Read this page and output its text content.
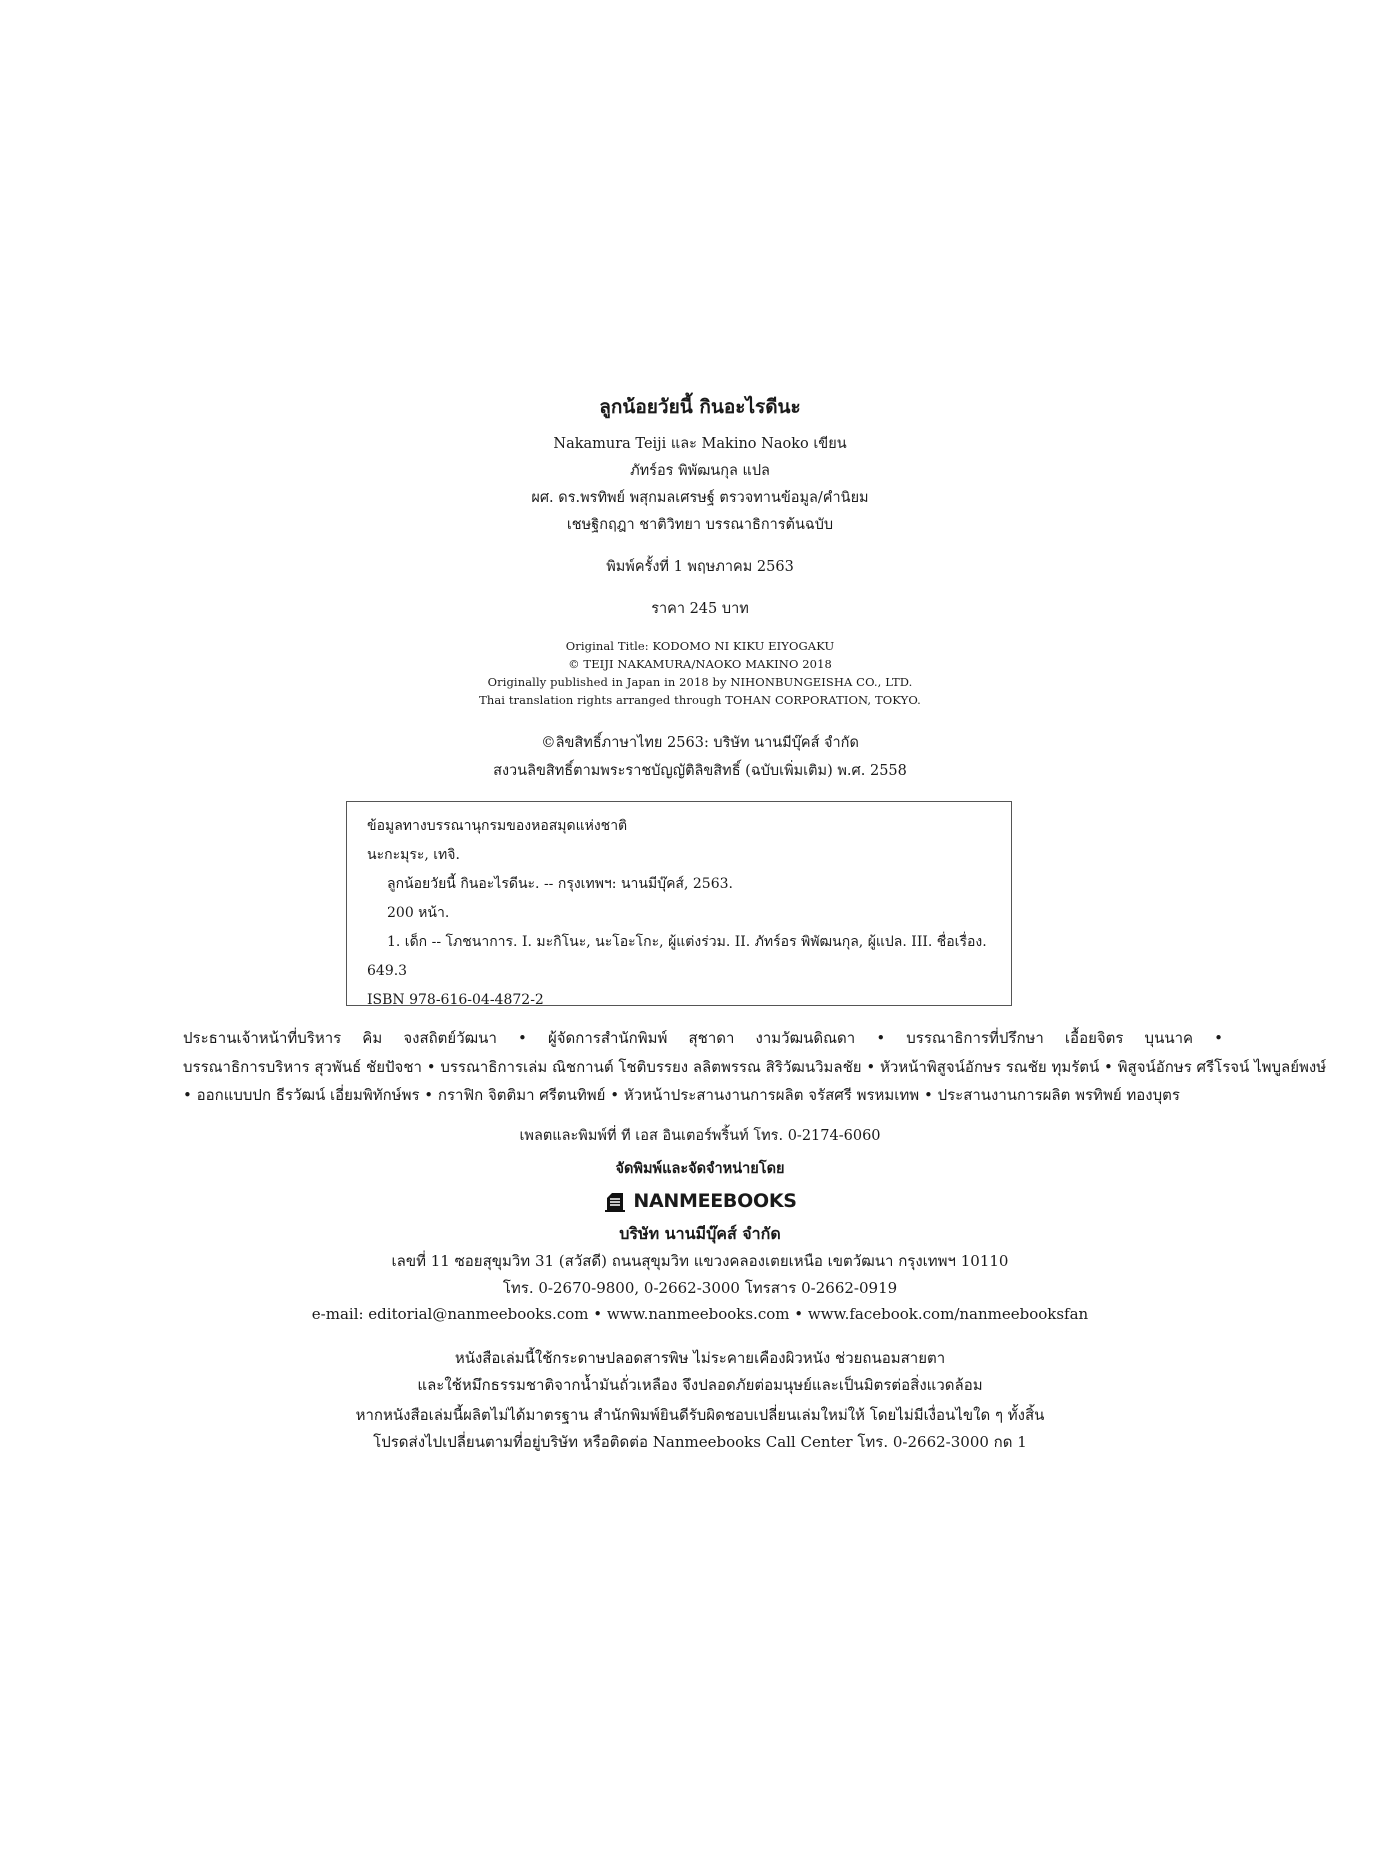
ลูกน้อยวัยนี้ กินอะไรดีนะ
Nakamura Teiji และ Makino Naoko เขียน
ภัทร์อร พิพัฒนกุล แปล
ผศ. ดร.พรทิพย์ พสุกมลเศรษฐ์ ตรวจทานข้อมูล/คำนิยม
เชษฐิกฤฎา ชาติวิทยา บรรณาธิการต้นฉบับ
พิมพ์ครั้งที่ 1 พฤษภาคม 2563
ราคา 245 บาท
Original Title: KODOMO NI KIKU EIYOGAKU
© TEIJI NAKAMURA/NAOKO MAKINO 2018
Originally published in Japan in 2018 by NIHONBUNGEISHA CO., LTD.
Thai translation rights arranged through TOHAN CORPORATION, TOKYO.
©ลิขสิทธิ์ภาษาไทย 2563: บริษัท นานมีบุ๊คส์ จำกัด
สงวนลิขสิทธิ์ตามพระราชบัญญัติลิขสิทธิ์ (ฉบับเพิ่มเติม) พ.ศ. 2558
ข้อมูลทางบรรณานุกรมของหอสมุดแห่งชาติ
นะกะมุระ, เทจิ.
ลูกน้อยวัยนี้ กินอะไรดีนะ. -- กรุงเทพฯ: นานมีบุ๊คส์, 2563.
200 หน้า.
1. เด็ก -- โภชนาการ. I. มะกิโนะ, นะโอะโกะ, ผู้แต่งร่วม. II. ภัทร์อร พิพัฒนกุล, ผู้แปล. III. ชื่อเรื่อง.
649.3
ISBN 978-616-04-4872-2
ประธานเจ้าหน้าที่บริหาร คิม จงสถิตย์วัฒนา • ผู้จัดการสำนักพิมพ์ สุชาดา งามวัฒนดิณดา • บรรณาธิการที่ปรึกษา เอื้อยจิตร บุนนาค • บรรณาธิการบริหาร สุวพันธ์ ชัยปัจชา • บรรณาธิการเล่ม ณิชกานต์ โชติบรรยง ลลิตพรรณ สิริวัฒนวิมลชัย • หัวหน้าพิสูจน์อักษร รณชัย ทุมรัตน์ • พิสูจน์อักษร ศรีโรจน์ ไพบูลย์พงษ์ • ออกแบบปก ธีรวัฒน์ เอี่ยมพิทักษ์พร • กราฟิก จิตติมา ศรีตนทิพย์ • หัวหน้าประสานงานการผลิต จรัสศรี พรหมเทพ • ประสานงานการผลิต พรทิพย์ ทองบุตร
เพลตและพิมพ์ที่ ที เอส อินเตอร์พริ้นท์ โทร. 0-2174-6060
จัดพิมพ์และจัดจำหน่ายโดย
NANMEEBOOKS
บริษัท นานมีบุ๊คส์ จำกัด
เลขที่ 11 ซอยสุขุมวิท 31 (สวัสดี) ถนนสุขุมวิท แขวงคลองเตยเหนือ เขตวัฒนา กรุงเทพฯ 10110
โทร. 0-2670-9800, 0-2662-3000 โทรสาร 0-2662-0919
e-mail: editorial@nanmeebooks.com • www.nanmeebooks.com • www.facebook.com/nanmeebooksfan
หนังสือเล่มนี้ใช้กระดาษปลอดสารพิษ ไม่ระคายเคืองผิวหนัง ช่วยถนอมสายตา
และใช้หมึกธรรมชาติจากน้ำมันถั่วเหลือง จึงปลอดภัยต่อมนุษย์และเป็นมิตรต่อสิ่งแวดล้อม
หากหนังสือเล่มนี้ผลิตไม่ได้มาตรฐาน สำนักพิมพ์ยินดีรับผิดชอบเปลี่ยนเล่มใหม่ให้ โดยไม่มีเงื่อนไขใด ๆ ทั้งสิ้น
โปรดส่งไปเปลี่ยนตามที่อยู่บริษัท หรือติดต่อ Nanmeebooks Call Center โทร. 0-2662-3000 กด 1
